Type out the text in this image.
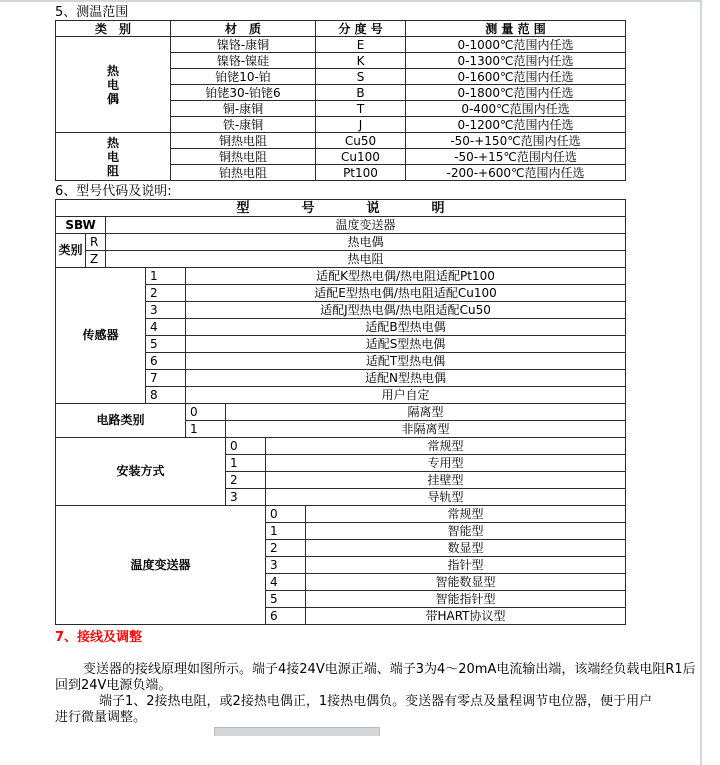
5、测温范围
类　别	材　质	分 度 号	测 量 范 围
热
电
偶	镍铬-康铜	E	0-1000℃范围内任选
	镍铬-镍硅	K	0-1300℃范围内任选
	铂铑10-铂	S	0-1600℃范围内任选
	铂铑30-铂铑6	B	0-1800℃范围内任选
	铜-康铜	T	0-400℃范围内任选
	铁-康铜	J	0-1200℃范围内任选
热
电
阻	铜热电阻	Cu50	-50-+150℃范围内任选
	铜热电阻	Cu100	-50-+15℃范围内任选
	铂热电阻	Pt100	-200-+600℃范围内任选
6、型号代码及说明:
型　　　　号　　　　说　　　　明							
SBW		温度变送器					
类别	R	热电偶					
	Z	热电阻					
传感器			1	适配K型热电偶/热电阻适配Pt100			
			2	适配E型热电偶/热电阻适配Cu100			
			3	适配J型热电偶/热电阻适配Cu50			
			4	适配B型热电偶			
			5	适配S型热电偶			
			6	适配T型热电偶			
			7	适配N型热电偶			
			8	用户自定			
电路类别				0	隔离型		
				1	非隔离型		
安装方式					0	常规型	
					1	专用型	
					2	挂壁型	
					3	导轨型	
温度变送器						0	常规型
						1	智能型
						2	数显型
						3	指针型
						4	智能数显型
						5	智能指针型
						6	带HART协议型
7、接线及调整
变送器的接线原理如图所示。端子4接24V电源正端、端子3为4～20mA电流输出端，该端经负载电阻R1后
回到24V电源负端。
端子1、2接热电阻，或2接热电偶正，1接热电偶负。变送器有零点及量程调节电位器，便于用户
进行微量调整。
